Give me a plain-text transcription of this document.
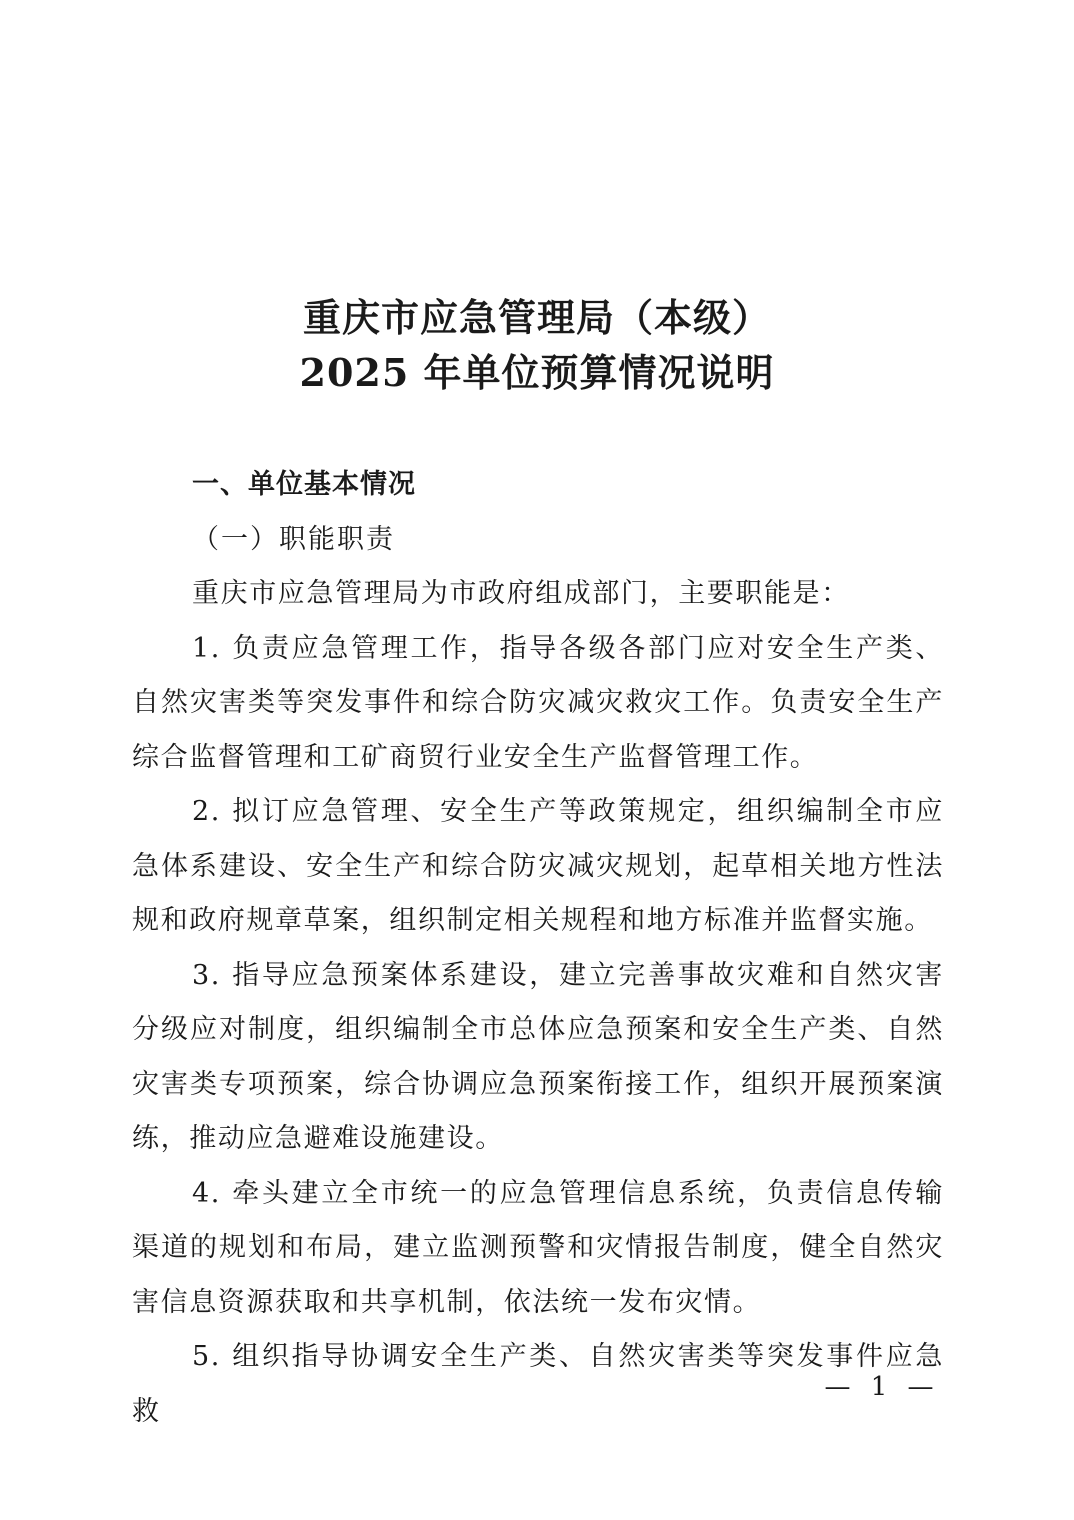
重庆市应急管理局（本级）
2025 年单位预算情况说明

一、单位基本情况

（一）职能职责

重庆市应急管理局为市政府组成部门，主要职能是：

1. 负责应急管理工作，指导各级各部门应对安全生产类、自然灾害类等突发事件和综合防灾减灾救灾工作。负责安全生产综合监督管理和工矿商贸行业安全生产监督管理工作。

2. 拟订应急管理、安全生产等政策规定，组织编制全市应急体系建设、安全生产和综合防灾减灾规划，起草相关地方性法规和政府规章草案，组织制定相关规程和地方标准并监督实施。

3. 指导应急预案体系建设，建立完善事故灾难和自然灾害分级应对制度，组织编制全市总体应急预案和安全生产类、自然灾害类专项预案，综合协调应急预案衔接工作，组织开展预案演练，推动应急避难设施建设。

4. 牵头建立全市统一的应急管理信息系统，负责信息传输渠道的规划和布局，建立监测预警和灾情报告制度，健全自然灾害信息资源获取和共享机制，依法统一发布灾情。

5. 组织指导协调安全生产类、自然灾害类等突发事件应急救

— 1 —
